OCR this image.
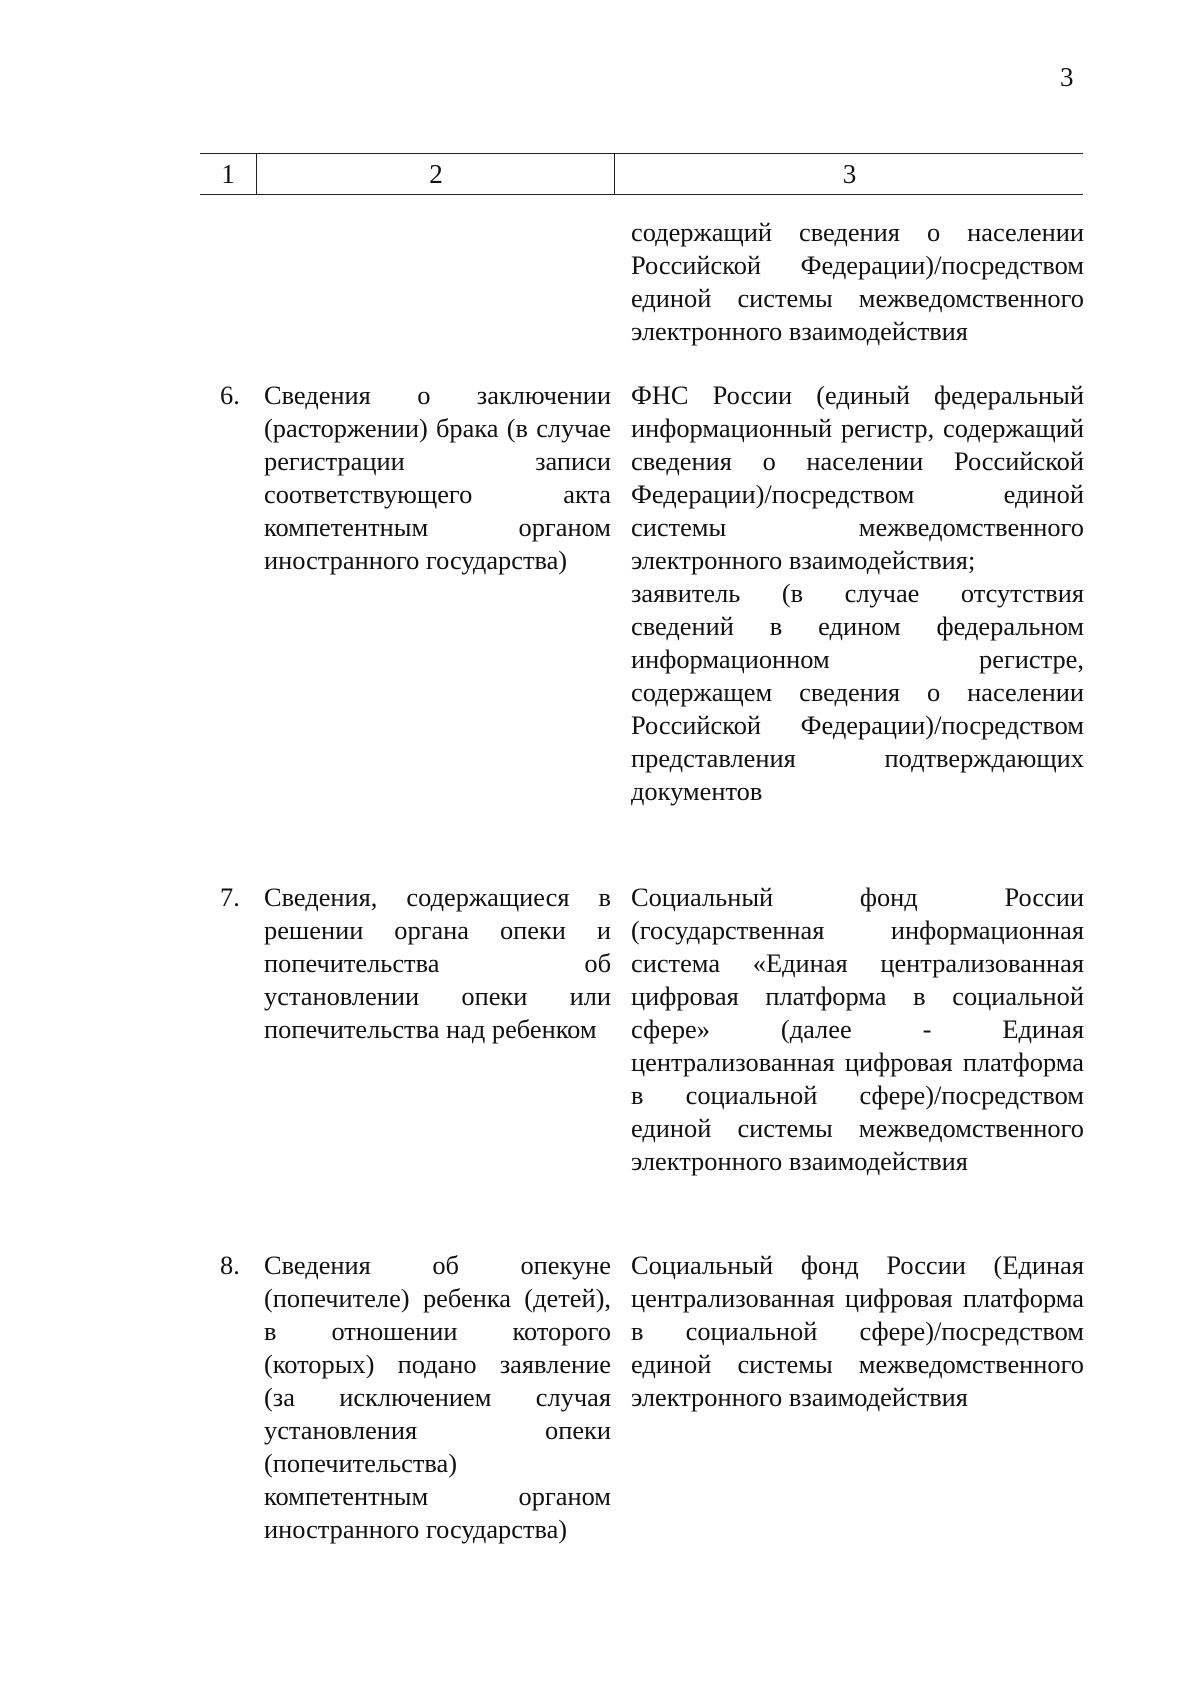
3
1	2	3

содержащий сведения о населении Российской Федерации)/посредством единой системы межведомственного электронного взаимодействия

6. Сведения о заключении (расторжении) брака (в случае регистрации записи соответствующего акта компетентным органом иностранного государства)

ФНС России (единый федеральный информационный регистр, содержащий сведения о населении Российской Федерации)/посредством единой системы межведомственного электронного взаимодействия;

заявитель (в случае отсутствия сведений в едином федеральном информационном регистре, содержащем сведения о населении Российской Федерации)/посредством представления подтверждающих документов

7. Сведения, содержащиеся в решении органа опеки и попечительства об установлении опеки или попечительства над ребенком

Социальный фонд России (государственная информационная система «Единая централизованная цифровая платформа в социальной сфере» (далее - Единая централизованная цифровая платформа в социальной сфере)/посредством единой системы межведомственного электронного взаимодействия

8. Сведения об опекуне (попечителе) ребенка (детей), в отношении которого (которых) подано заявление (за исключением случая установления опеки (попечительства) компетентным органом иностранного государства)

Социальный фонд России (Единая централизованная цифровая платформа в социальной сфере)/посредством единой системы межведомственного электронного взаимодействия
